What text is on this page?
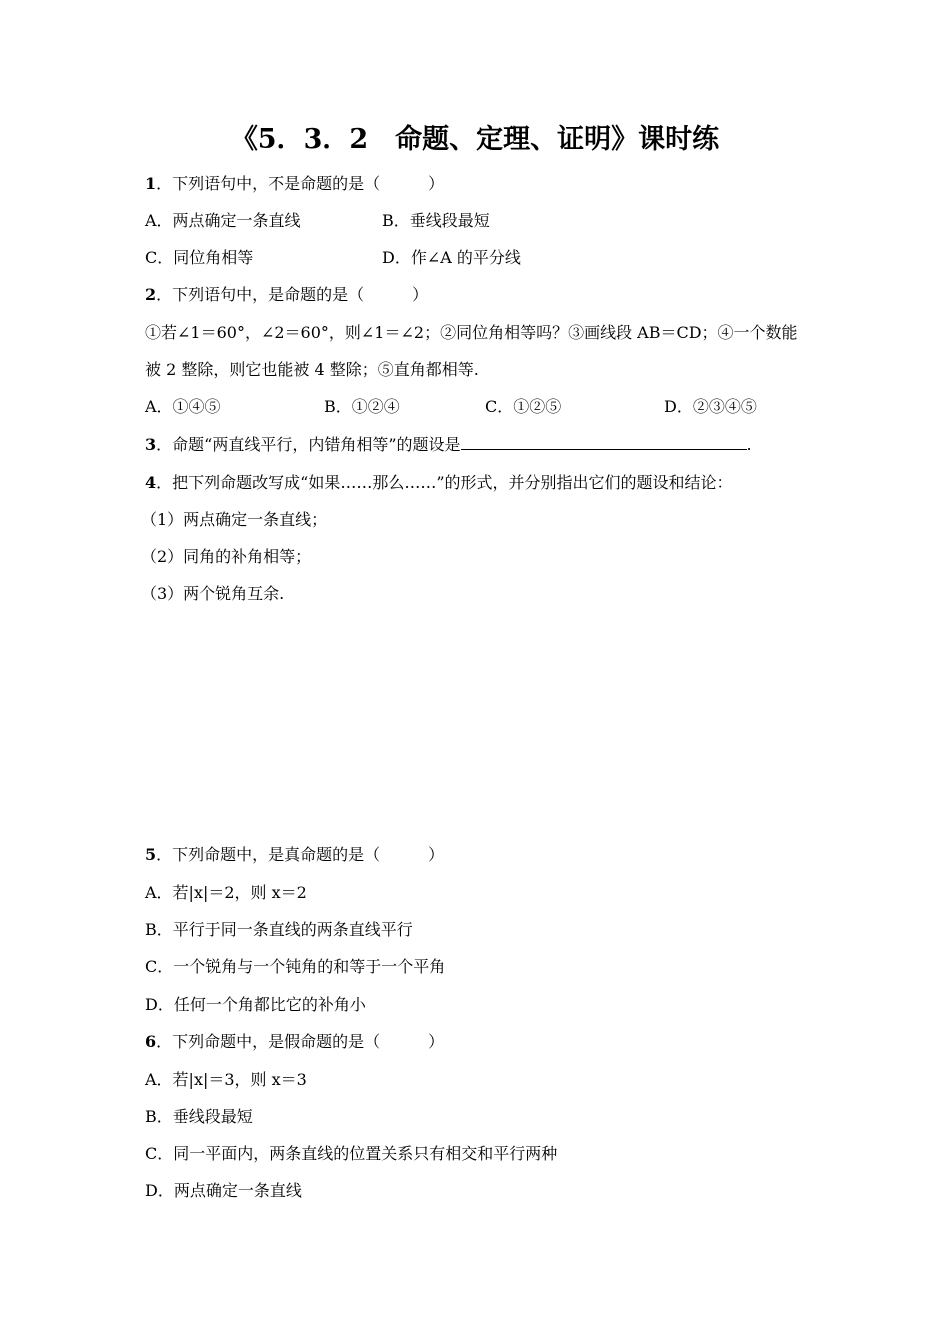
《5．3．2　命题、定理、证明》课时练
1．下列语句中，不是命题的是（　　　）
A．两点确定一条直线	B．垂线段最短
C．同位角相等	D．作∠A 的平分线
2．下列语句中，是命题的是（　　　）
①若∠1＝60°，∠2＝60°，则∠1＝∠2；②同位角相等吗？③画线段 AB＝CD；④一个数能
被 2 整除，则它也能被 4 整除；⑤直角都相等.
A．①④⑤	B．①②④	C．①②⑤	D．②③④⑤
3．命题“两直线平行，内错角相等”的题设是	.
4．把下列命题改写成“如果……那么……”的形式，并分别指出它们的题设和结论：
（1）两点确定一条直线；
（2）同角的补角相等；
（3）两个锐角互余.
5．下列命题中，是真命题的是（　　　）
A．若|x|＝2，则 x＝2
B．平行于同一条直线的两条直线平行
C．一个锐角与一个钝角的和等于一个平角
D．任何一个角都比它的补角小
6．下列命题中，是假命题的是（　　　）
A．若|x|＝3，则 x＝3
B．垂线段最短
C．同一平面内，两条直线的位置关系只有相交和平行两种
D．两点确定一条直线
